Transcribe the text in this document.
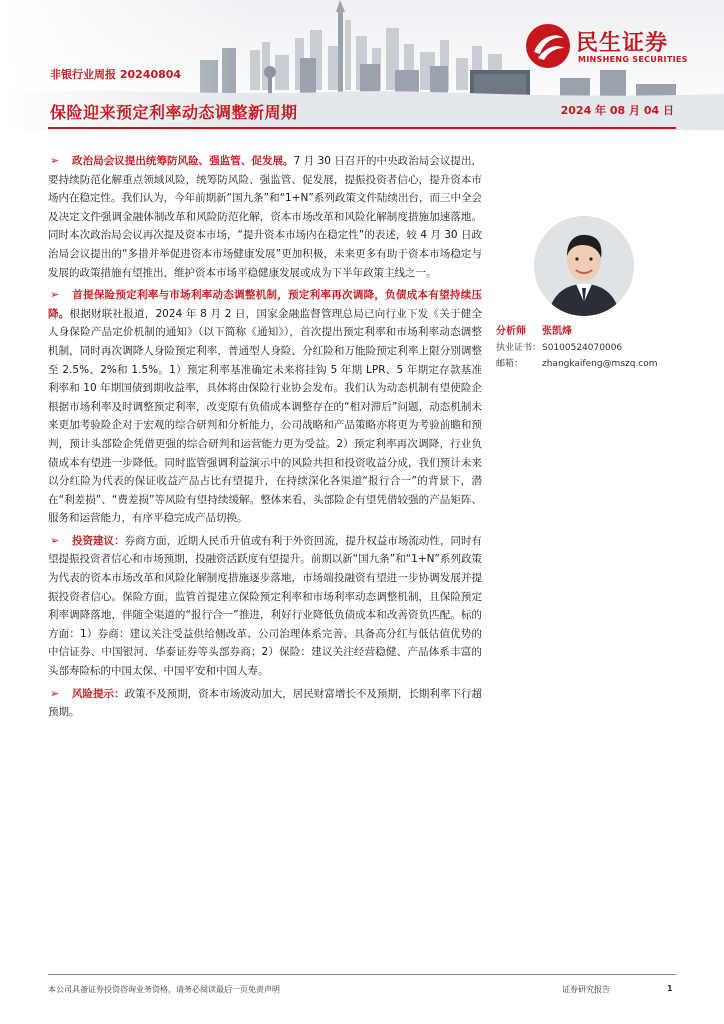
非银行业周报 20240804
保险迎来预定利率动态调整新周期	2024 年 08 月 04 日
民生证券
MINSHENG SECURITIES

➢ 政治局会议提出统筹防风险、强监管、促发展。7 月 30 日召开的中央政治局会议提出，要持续防范化解重点领域风险，统筹防风险、强监管、促发展，提振投资者信心，提升资本市场内在稳定性。我们认为，今年前期新“国九条”和“1+N”系列政策文件陆续出台，而三中全会及决定文件强调金融体制改革和风险防范化解，资本市场改革和风险化解制度措施加速落地。同时本次政治局会议再次提及资本市场，“提升资本市场内在稳定性”的表述，较 4 月 30 日政治局会议提出的“多措并举促进资本市场健康发展”更加积极，未来更多有助于资本市场稳定与发展的政策措施有望推出，维护资本市场平稳健康发展或成为下半年政策主线之一。

➢ 首提保险预定利率与市场利率动态调整机制，预定利率再次调降，负债成本有望持续压降。根据财联社报道，2024 年 8 月 2 日，国家金融监督管理总局已向行业下发《关于健全人身保险产品定价机制的通知》（以下简称《通知》），首次提出预定利率和市场利率动态调整机制，同时再次调降人身险预定利率，普通型人身险、分红险和万能险预定利率上限分别调整至 2.5%、2%和 1.5%。1）预定利率基准确定未来将挂钩 5 年期 LPR、5 年期定存款基准利率和 10 年期国债到期收益率，具体将由保险行业协会发布。我们认为动态机制有望使险企根据市场利率及时调整预定利率，改变原有负债成本调整存在的“相对滞后”问题，动态机制未来更加考验险企对于宏观的综合研判和分析能力，公司战略和产品策略亦将更为考验前瞻和预判，预计头部险企凭借更强的综合研判和运营能力更为受益。2）预定利率再次调降，行业负债成本有望进一步降低。同时监管强调利益演示中的风险共担和投资收益分成，我们预计未来以分红险为代表的保证收益产品占比有望提升，在持续深化各渠道“报行合一”的背景下，潜在“利差损”、“费差损”等风险有望持续缓解。整体来看，头部险企有望凭借较强的产品矩阵、服务和运营能力，有序平稳完成产品切换。

➢ 投资建议：券商方面，近期人民币升值或有利于外资回流，提升权益市场流动性，同时有望提振投资者信心和市场预期，投融资活跃度有望提升。前期以新“国九条”和“1+N”系列政策为代表的资本市场改革和风险化解制度措施逐步落地，市场端投融资有望进一步协调发展并提振投资者信心。保险方面，监管首提建立保险预定利率和市场利率动态调整机制，且保险预定利率调降落地，伴随全渠道的“报行合一”推进，利好行业降低负债成本和改善资负匹配。标的方面：1）券商：建议关注受益供给侧改革、公司治理体系完善、具备高分红与低估值优势的中信证券、中国银河、华泰证券等头部券商；2）保险：建议关注经营稳健、产品体系丰富的头部寿险标的中国太保、中国平安和中国人寿。

➢ 风险提示：政策不及预期，资本市场波动加大，居民财富增长不及预期，长期利率下行超预期。

分析师	张凯烽
执业证书： S0100524070006
邮箱：	zhangkaifeng@mszq.com
本公司具备证券投资咨询业务资格，请务必阅读最后一页免责声明	证券研究报告	1
